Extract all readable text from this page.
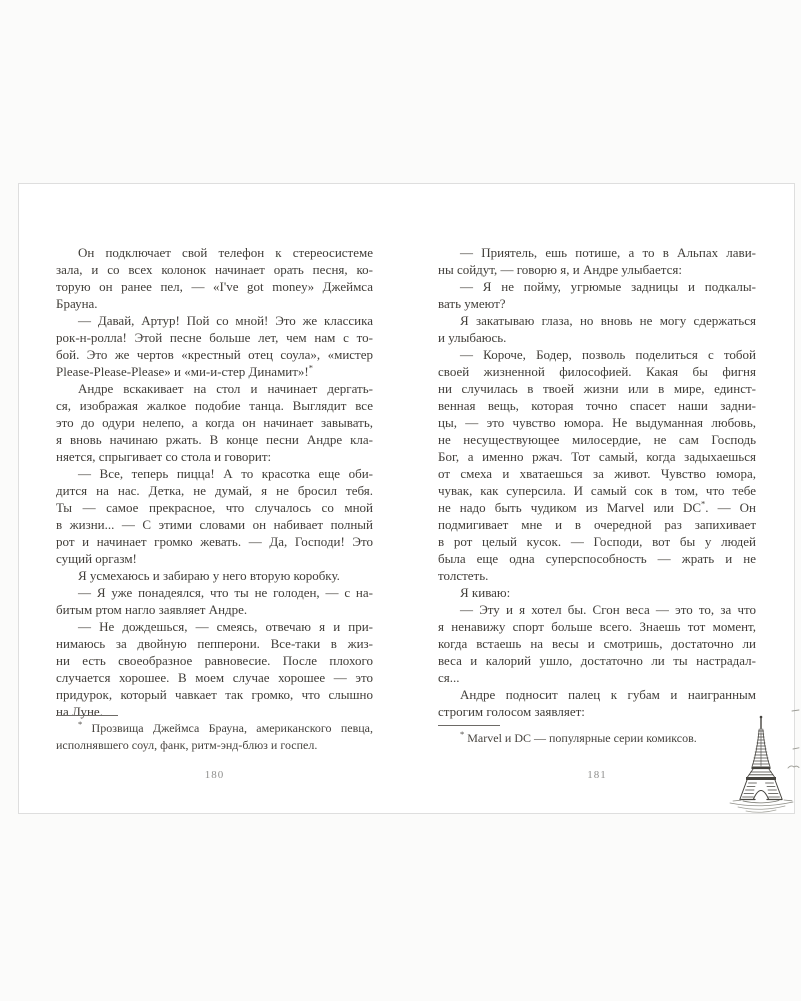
Он подключает свой телефон к стереосистеме
зала, и со всех колонок начинает орать песня, ко-
торую он ранее пел, — «I've got money» Джеймса
Брауна.
— Давай, Артур! Пой со мной! Это же классика
рок-н-ролла! Этой песне больше лет, чем нам с то-
бой. Это же чертов «крестный отец соула», «мистер
Please-Please-Please» и «ми-и-стер Динамит»!*
Андре вскакивает на стол и начинает дергать-
ся, изображая жалкое подобие танца. Выглядит все
это до одури нелепо, а когда он начинает завывать,
я вновь начинаю ржать. В конце песни Андре кла-
няется, спрыгивает со стола и говорит:
— Все, теперь пицца! А то красотка еще оби-
дится на нас. Детка, не думай, я не бросил тебя.
Ты — самое прекрасное, что случалось со мной
в жизни... — С этими словами он набивает полный
рот и начинает громко жевать. — Да, Господи! Это
сущий оргазм!
Я усмехаюсь и забираю у него вторую коробку.
— Я уже понадеялся, что ты не голоден, — с на-
битым ртом нагло заявляет Андре.
— Не дождешься, — смеясь, отвечаю я и при-
нимаюсь за двойную пепперони. Все-таки в жиз-
ни есть своеобразное равновесие. После плохого
случается хорошее. В моем случае хорошее — это
придурок, который чавкает так громко, что слышно
на Луне.
— Приятель, ешь потише, а то в Альпах лави-
ны сойдут, — говорю я, и Андре улыбается:
— Я не пойму, угрюмые задницы и подкалы-
вать умеют?
Я закатываю глаза, но вновь не могу сдержаться
и улыбаюсь.
— Короче, Бодер, позволь поделиться с тобой
своей жизненной философией. Какая бы фигня
ни случилась в твоей жизни или в мире, единст-
венная вещь, которая точно спасет наши задни-
цы, — это чувство юмора. Не выдуманная любовь,
не несуществующее милосердие, не сам Господь
Бог, а именно ржач. Тот самый, когда задыхаешься
от смеха и хватаешься за живот. Чувство юмора,
чувак, как суперсила. И самый сок в том, что тебе
не надо быть чудиком из Marvel или DC*. — Он
подмигивает мне и в очередной раз запихивает
в рот целый кусок. — Господи, вот бы у людей
была еще одна суперспособность — жрать и не
толстеть.
Я киваю:
— Эту и я хотел бы. Сгон веса — это то, за что
я ненавижу спорт больше всего. Знаешь тот момент,
когда встаешь на весы и смотришь, достаточно ли
веса и калорий ушло, достаточно ли ты настрадал-
ся...
Андре подносит палец к губам и наигранным
строгим голосом заявляет:
* Прозвища Джеймса Брауна, американского певца,
исполнявшего соул, фанк, ритм-энд-блюз и госпел.
* Marvel и DC — популярные серии комиксов.
180	181
